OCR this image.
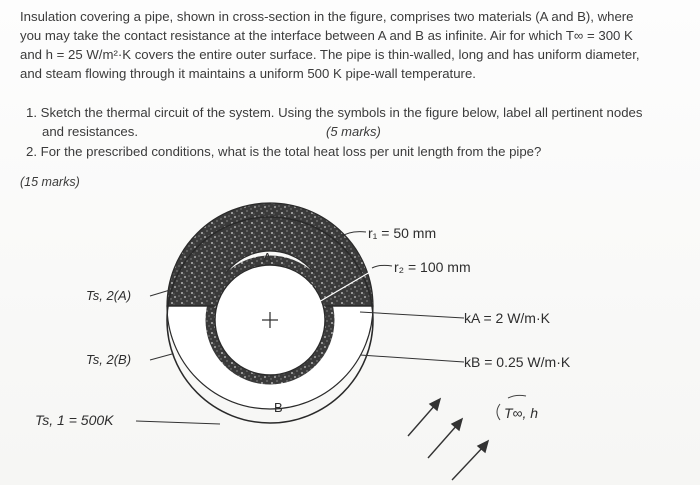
Insulation covering a pipe, shown in cross-section in the figure, comprises two materials (A and B), where
you may take the contact resistance at the interface between A and B as infinite. Air for which T∞ = 300 K
and h = 25 W/m²·K covers the entire outer surface. The pipe is thin-walled, long and has uniform diameter,
and steam flowing through it maintains a uniform 500 K pipe-wall temperature.
1. Sketch the thermal circuit of the system. Using the symbols in the figure below, label all pertinent nodes
and resistances.	(5 marks)
2. For the prescribed conditions, what is the total heat loss per unit length from the pipe?
(15 marks)
A
B
r₁ = 50 mm
r₂ = 100 mm
kA = 2 W/m·K
kB = 0.25 W/m·K
Ts, 2(A)
Ts, 2(B)
Ts, 1 = 500K	T∞, h
